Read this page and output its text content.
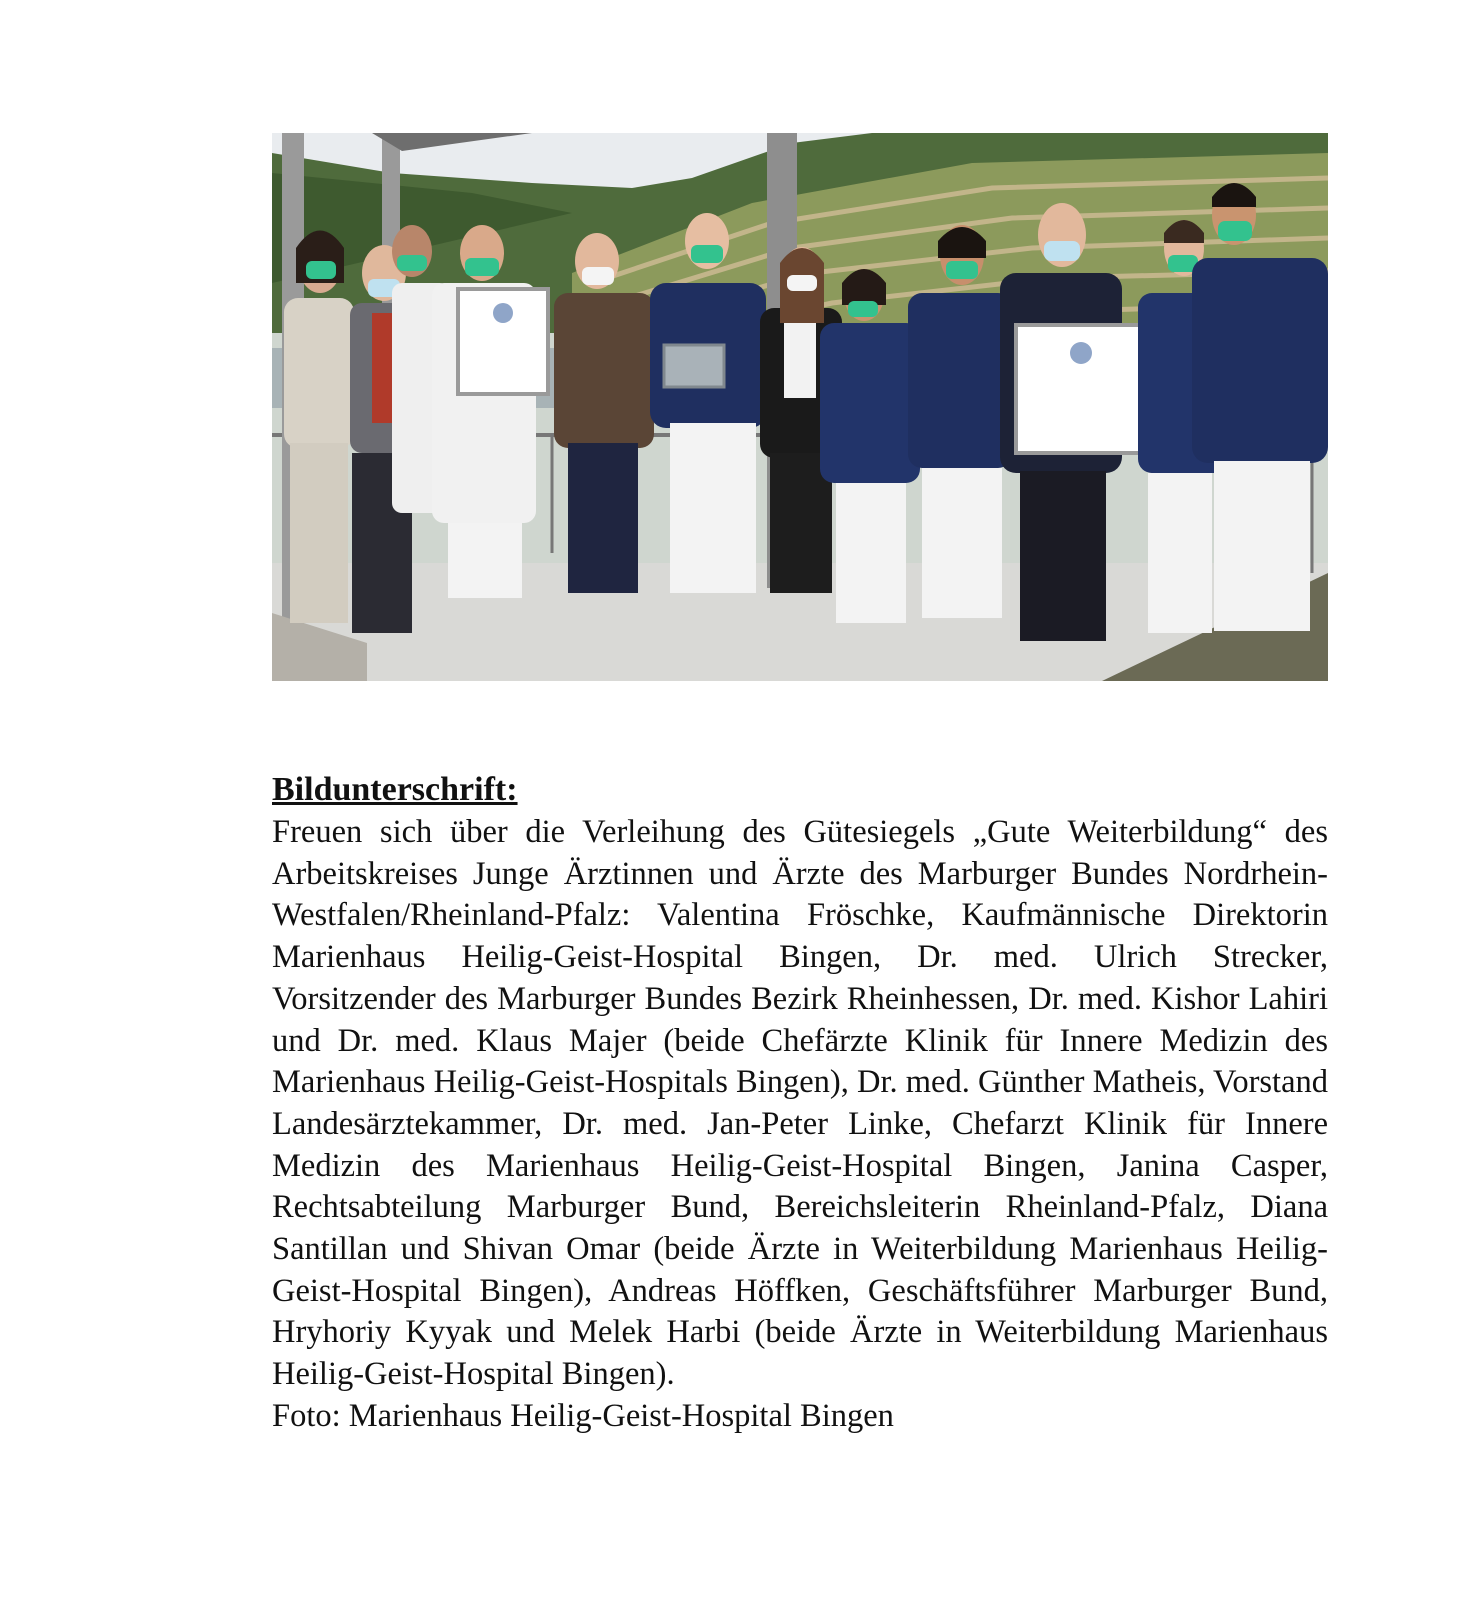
Bildunterschrift:

Freuen sich über die Verleihung des Gütesiegels „Gute Weiterbildung“ des Arbeitskreises Junge Ärztinnen und Ärzte des Marburger Bundes Nordrhein-Westfalen/Rheinland-Pfalz: Valentina Fröschke, Kaufmännische Direktorin Marienhaus Heilig-Geist-Hospital Bingen, Dr. med. Ulrich Strecker, Vorsitzender des Marburger Bundes Bezirk Rheinhessen, Dr. med. Kishor Lahiri und Dr. med. Klaus Majer (beide Chefärzte Klinik für Innere Medizin des Marienhaus Heilig-Geist-Hospitals Bingen), Dr. med. Günther Matheis, Vorstand Landesärztekammer, Dr. med. Jan-Peter Linke, Chefarzt Klinik für Innere Medizin des Marienhaus Heilig-Geist-Hospital Bingen, Janina Casper, Rechtsabteilung Marburger Bund, Bereichsleiterin Rheinland-Pfalz, Diana Santillan und Shivan Omar (beide Ärzte in Weiterbildung Marienhaus Heilig-Geist-Hospital Bingen), Andreas Höffken, Geschäftsführer Marburger Bund, Hryhoriy Kyyak und Melek Harbi (beide Ärzte in Weiterbildung Marienhaus Heilig-Geist-Hospital Bingen).

Foto: Marienhaus Heilig-Geist-Hospital Bingen
